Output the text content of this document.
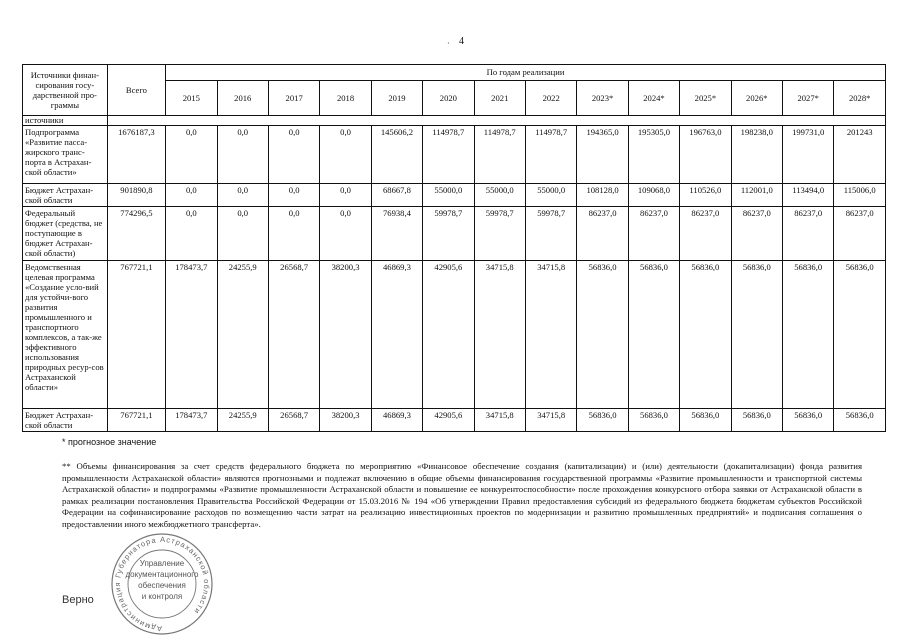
· 4
Источники финан-сирования госу-дарственной про-граммы	Всего	По годам реализации													
		2015	2016	2017	2018	2019	2020	2021	2022	2023*	2024*	2025*	2026*	2027*	2028*
источники															
Подпрограмма «Развитие пасса-жирского транс-порта в Астрахан-ской области»	1676187,3	0,0	0,0	0,0	0,0	145606,2	114978,7	114978,7	114978,7	194365,0	195305,0	196763,0	198238,0	199731,0	201243
Бюджет Астрахан-ской области	901890,8	0,0	0,0	0,0	0,0	68667,8	55000,0	55000,0	55000,0	108128,0	109068,0	110526,0	112001,0	113494,0	115006,0
Федеральный бюджет (средства, не поступающие в бюджет Астрахан-ской области)	774296,5	0,0	0,0	0,0	0,0	76938,4	59978,7	59978,7	59978,7	86237,0	86237,0	86237,0	86237,0	86237,0	86237,0
Ведомственная целевая программа «Создание усло-вий для устойчи-вого развития промышленного и транспортного комплексов, а так-же эффективного использования природных ресур-сов Астраханской области»	767721,1	178473,7	24255,9	26568,7	38200,3	46869,3	42905,6	34715,8	34715,8	56836,0	56836,0	56836,0	56836,0	56836,0	56836,0
Бюджет Астрахан-ской области	767721,1	178473,7	24255,9	26568,7	38200,3	46869,3	42905,6	34715,8	34715,8	56836,0	56836,0	56836,0	56836,0	56836,0	56836,0
* прогнозное значение
** Объемы финансирования за счет средств федерального бюджета по мероприятию «Финансовое обеспечение создания (капитализации) и (или) деятельности (докапитализации) фонда развития промышленности Астраханской области» являются прогнозными и подлежат включению в общие объемы финансирования государственной программы «Развитие промышленности и транспортной системы Астраханской области» и подпрограммы «Развитие промышленности Астраханской области и повышение ее конкурентоспособности» после прохождения конкурсного отбора заявки от Астраханской области в рамках реализации постановления Правительства Российской Федерации от 15.03.2016 № 194 «Об утверждении Правил предоставления субсидий из федерального бюджета бюджетам субъектов Российской Федерации на софинансирование расходов по возмещению части затрат на реализацию инвестиционных проектов по модернизации и развитию промышленных предприятий» и подписания соглашения о предоставлении иного межбюджетного трансферта».
Администрация Губернатора Астраханской области
Управление документационного обеспечения и контроля
Верно
